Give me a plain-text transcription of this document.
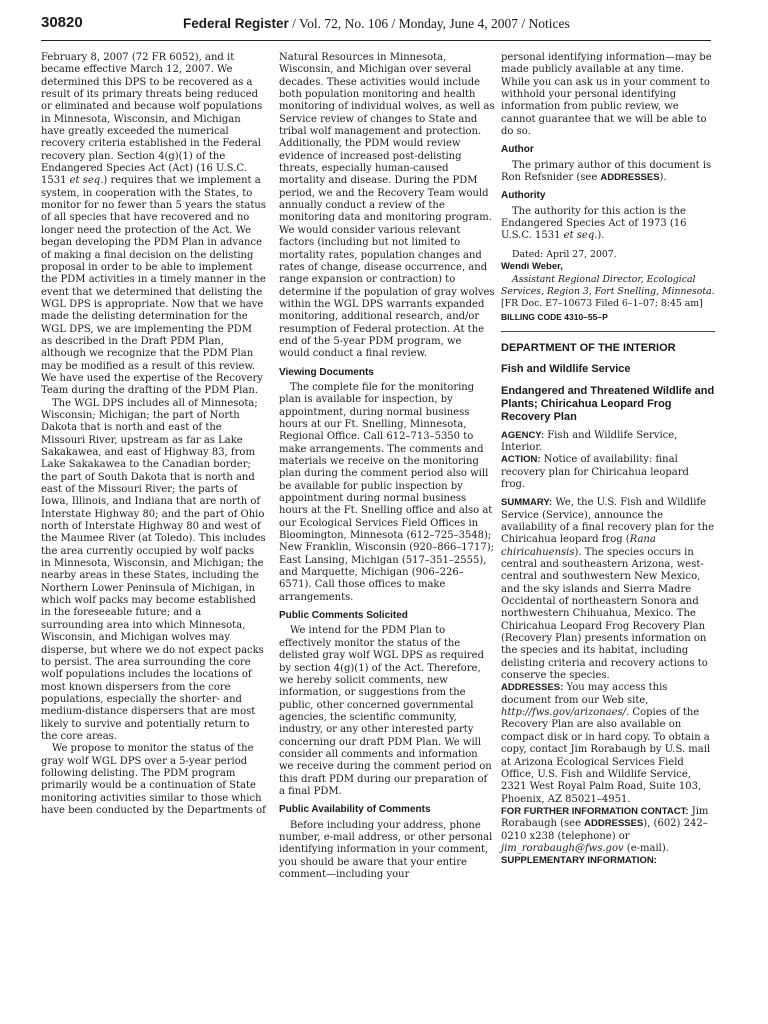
30820	Federal Register / Vol. 72, No. 106 / Monday, June 4, 2007 / Notices

February 8, 2007 (72 FR 6052), and it became effective March 12, 2007. We determined this DPS to be recovered as a result of its primary threats being reduced or eliminated and because wolf populations in Minnesota, Wisconsin, and Michigan have greatly exceeded the numerical recovery criteria established in the Federal recovery plan. Section 4(g)(1) of the Endangered Species Act (Act) (16 U.S.C. 1531 et seq.) requires that we implement a system, in cooperation with the States, to monitor for no fewer than 5 years the status of all species that have recovered and no longer need the protection of the Act. We began developing the PDM Plan in advance of making a final decision on the delisting proposal in order to be able to implement the PDM activities in a timely manner in the event that we determined that delisting the WGL DPS is appropriate. Now that we have made the delisting determination for the WGL DPS, we are implementing the PDM as described in the Draft PDM Plan, although we recognize that the PDM Plan may be modified as a result of this review. We have used the expertise of the Recovery Team during the drafting of the PDM Plan.

The WGL DPS includes all of Minnesota; Wisconsin; Michigan; the part of North Dakota that is north and east of the Missouri River, upstream as far as Lake Sakakawea, and east of Highway 83, from Lake Sakakawea to the Canadian border; the part of South Dakota that is north and east of the Missouri River; the parts of Iowa, Illinois, and Indiana that are north of Interstate Highway 80; and the part of Ohio north of Interstate Highway 80 and west of the Maumee River (at Toledo). This includes the area currently occupied by wolf packs in Minnesota, Wisconsin, and Michigan; the nearby areas in these States, including the Northern Lower Peninsula of Michigan, in which wolf packs may become established in the foreseeable future; and a surrounding area into which Minnesota, Wisconsin, and Michigan wolves may disperse, but where we do not expect packs to persist. The area surrounding the core wolf populations includes the locations of most known dispersers from the core populations, especially the shorter- and medium-distance dispersers that are most likely to survive and potentially return to the core areas.

We propose to monitor the status of the gray wolf WGL DPS over a 5-year period following delisting. The PDM program primarily would be a continuation of State monitoring activities similar to those which have been conducted by the Departments of

Natural Resources in Minnesota, Wisconsin, and Michigan over several decades. These activities would include both population monitoring and health monitoring of individual wolves, as well as Service review of changes to State and tribal wolf management and protection. Additionally, the PDM would review evidence of increased post-delisting threats, especially human-caused mortality and disease. During the PDM period, we and the Recovery Team would annually conduct a review of the monitoring data and monitoring program. We would consider various relevant factors (including but not limited to mortality rates, population changes and rates of change, disease occurrence, and range expansion or contraction) to determine if the population of gray wolves within the WGL DPS warrants expanded monitoring, additional research, and/or resumption of Federal protection. At the end of the 5-year PDM program, we would conduct a final review.

Viewing Documents

The complete file for the monitoring plan is available for inspection, by appointment, during normal business hours at our Ft. Snelling, Minnesota, Regional Office. Call 612–713–5350 to make arrangements. The comments and materials we receive on the monitoring plan during the comment period also will be available for public inspection by appointment during normal business hours at the Ft. Snelling office and also at our Ecological Services Field Offices in Bloomington, Minnesota (612–725–3548); New Franklin, Wisconsin (920–866–1717); East Lansing, Michigan (517–351–2555), and Marquette, Michigan (906–226–6571). Call those offices to make arrangements.

Public Comments Solicited

We intend for the PDM Plan to effectively monitor the status of the delisted gray wolf WGL DPS as required by section 4(g)(1) of the Act. Therefore, we hereby solicit comments, new information, or suggestions from the public, other concerned governmental agencies, the scientific community, industry, or any other interested party concerning our draft PDM Plan. We will consider all comments and information we receive during the comment period on this draft PDM during our preparation of a final PDM.

Public Availability of Comments

Before including your address, phone number, e-mail address, or other personal identifying information in your comment, you should be aware that your entire comment—including your

personal identifying information—may be made publicly available at any time. While you can ask us in your comment to withhold your personal identifying information from public review, we cannot guarantee that we will be able to do so.

Author

The primary author of this document is Ron Refsnider (see ADDRESSES).

Authority

The authority for this action is the Endangered Species Act of 1973 (16 U.S.C. 1531 et seq.).

Dated: April 27, 2007.

Wendi Weber,

Assistant Regional Director, Ecological Services, Region 3, Fort Snelling, Minnesota.

[FR Doc. E7–10673 Filed 6–1–07; 8:45 am]

BILLING CODE 4310–55–P

DEPARTMENT OF THE INTERIOR

Fish and Wildlife Service

Endangered and Threatened Wildlife and Plants; Chiricahua Leopard Frog Recovery Plan

AGENCY: Fish and Wildlife Service, Interior.

ACTION: Notice of availability: final recovery plan for Chiricahua leopard frog.

SUMMARY: We, the U.S. Fish and Wildlife Service (Service), announce the availability of a final recovery plan for the Chiricahua leopard frog (Rana chiricahuensis). The species occurs in central and southeastern Arizona, west-central and southwestern New Mexico, and the sky islands and Sierra Madre Occidental of northeastern Sonora and northwestern Chihuahua, Mexico. The Chiricahua Leopard Frog Recovery Plan (Recovery Plan) presents information on the species and its habitat, including delisting criteria and recovery actions to conserve the species.

ADDRESSES: You may access this document from our Web site, http://fws.gov/arizonaes/. Copies of the Recovery Plan are also available on compact disk or in hard copy. To obtain a copy, contact Jim Rorabaugh by U.S. mail at Arizona Ecological Services Field Office, U.S. Fish and Wildlife Service, 2321 West Royal Palm Road, Suite 103, Phoenix, AZ 85021–4951.

FOR FURTHER INFORMATION CONTACT: Jim Rorabaugh (see ADDRESSES), (602) 242–0210 x238 (telephone) or jim_rorabaugh@fws.gov (e-mail).

SUPPLEMENTARY INFORMATION:
